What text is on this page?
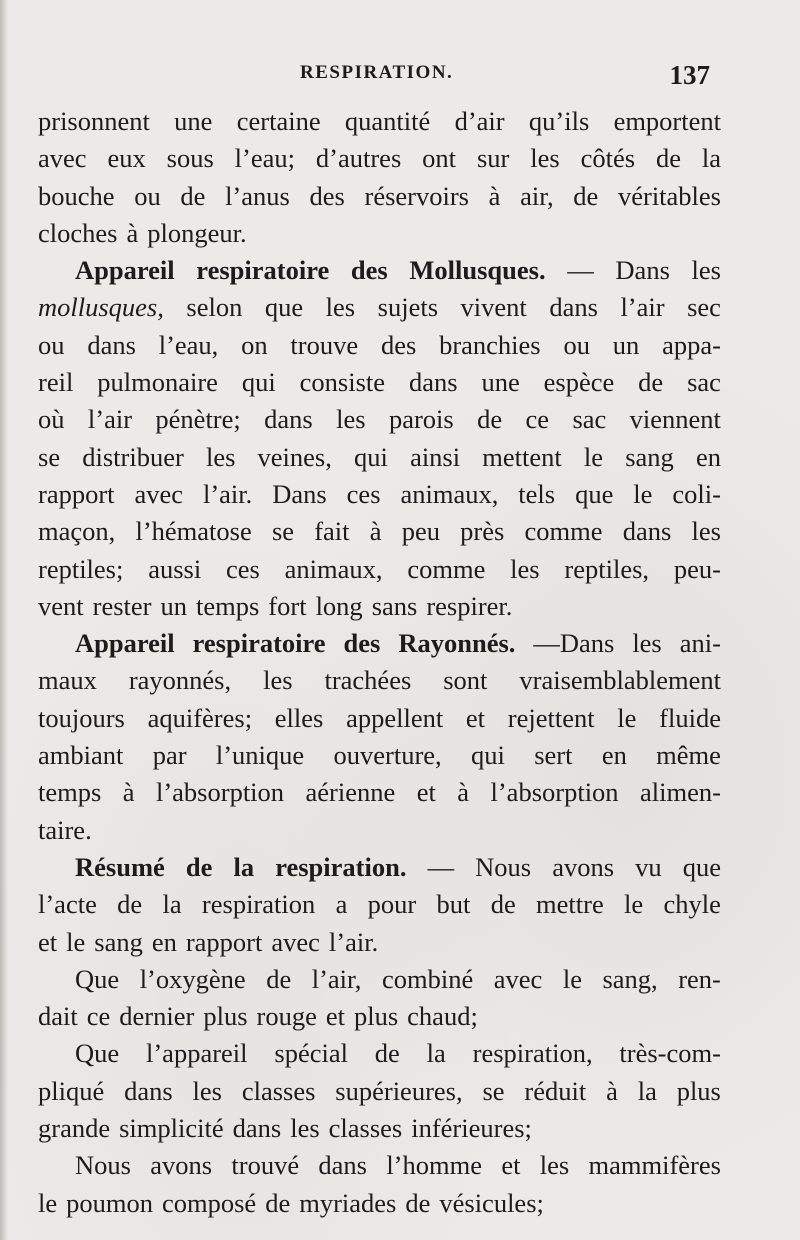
RESPIRATION.	137
prisonnent une certaine quantité d’air qu’ils emportent
avec eux sous l’eau; d’autres ont sur les côtés de la
bouche ou de l’anus des réservoirs à air, de véritables
cloches à plongeur.
Appareil respiratoire des Mollusques. — Dans les
mollusques, selon que les sujets vivent dans l’air sec
ou dans l’eau, on trouve des branchies ou un appa-
reil pulmonaire qui consiste dans une espèce de sac
où l’air pénètre; dans les parois de ce sac viennent
se distribuer les veines, qui ainsi mettent le sang en
rapport avec l’air. Dans ces animaux, tels que le coli-
maçon, l’hématose se fait à peu près comme dans les
reptiles; aussi ces animaux, comme les reptiles, peu-
vent rester un temps fort long sans respirer.
Appareil respiratoire des Rayonnés. —Dans les ani-
maux rayonnés, les trachées sont vraisemblablement
toujours aquifères; elles appellent et rejettent le fluide
ambiant par l’unique ouverture, qui sert en même
temps à l’absorption aérienne et à l’absorption alimen-
taire.
Résumé de la respiration. — Nous avons vu que
l’acte de la respiration a pour but de mettre le chyle
et le sang en rapport avec l’air.
Que l’oxygène de l’air, combiné avec le sang, ren-
dait ce dernier plus rouge et plus chaud;
Que l’appareil spécial de la respiration, très-com-
pliqué dans les classes supérieures, se réduit à la plus
grande simplicité dans les classes inférieures;
Nous avons trouvé dans l’homme et les mammifères
le poumon composé de myriades de vésicules;
